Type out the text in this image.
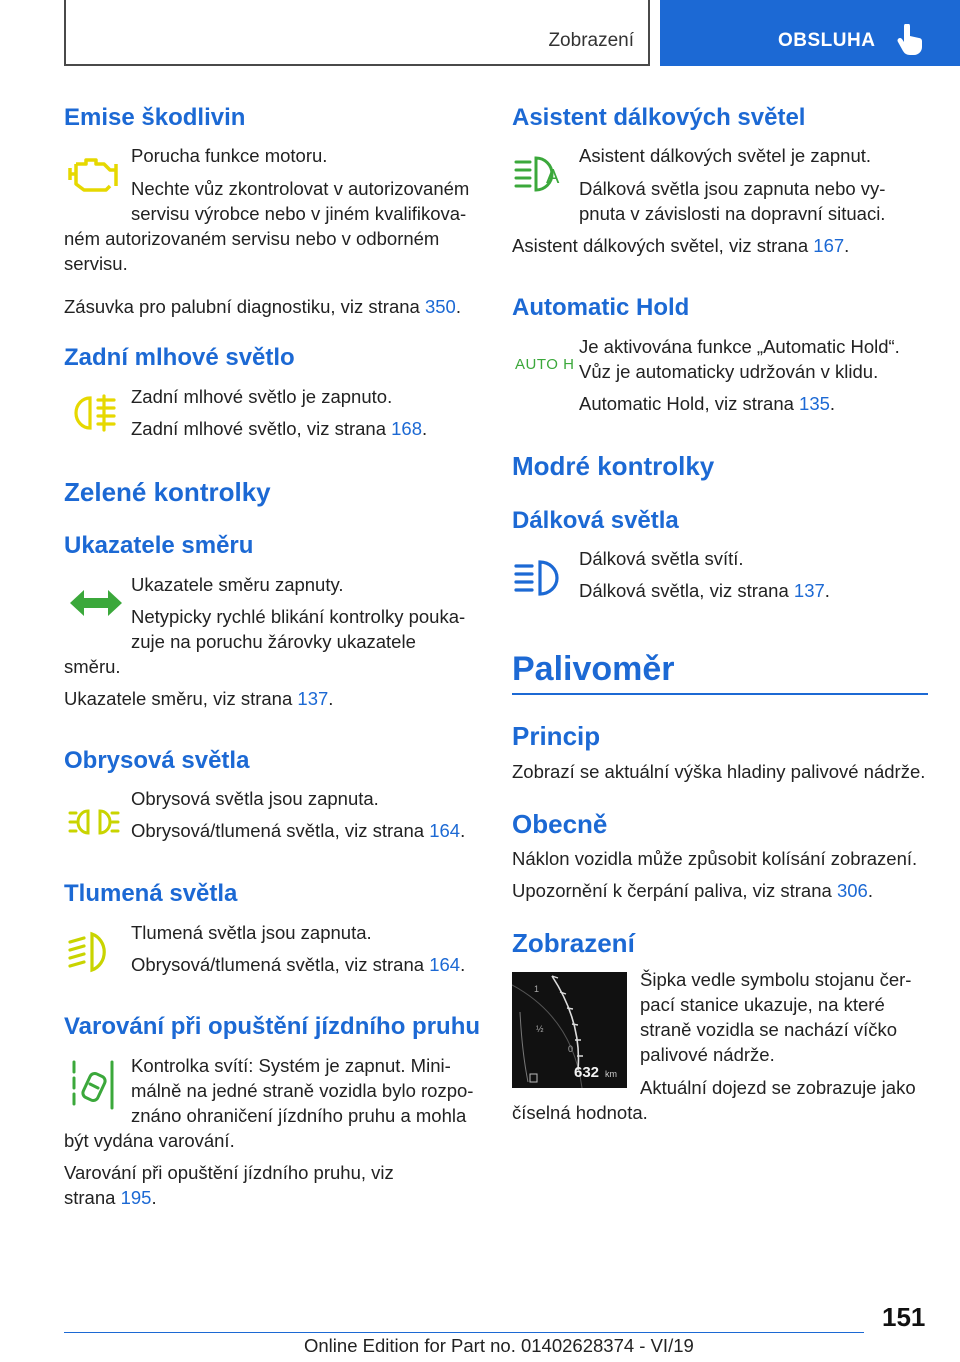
Zobrazení	OBSLUHA
Emise škodlivin
Porucha funkce motoru.
Nechte vůz zkontrolovat v autorizovaném
servisu výrobce nebo v jiném kvalifikova‐
ném autorizovaném servisu nebo v odborném
servisu.
Zásuvka pro palubní diagnostiku, viz strana 350.
Zadní mlhové světlo
Zadní mlhové světlo je zapnuto.
Zadní mlhové světlo, viz strana 168.
Zelené kontrolky
Ukazatele směru
Ukazatele směru zapnuty.
Netypicky rychlé blikání kontrolky pouka‐
zuje na poruchu žárovky ukazatele
směru.
Ukazatele směru, viz strana 137.
Obrysová světla
Obrysová světla jsou zapnuta.
Obrysová/tlumená světla, viz strana 164.
Tlumená světla
Tlumená světla jsou zapnuta.
Obrysová/tlumená světla, viz strana 164.
Varování při opuštění jízdního pruhu
Kontrolka svítí: Systém je zapnut. Mini‐
málně na jedné straně vozidla bylo rozpo‐
znáno ohraničení jízdního pruhu a mohla
být vydána varování.
Varování při opuštění jízdního pruhu, viz
strana 195.
Asistent dálkových světel
A
Asistent dálkových světel je zapnut.
Dálková světla jsou zapnuta nebo vy‐
pnuta v závislosti na dopravní situaci.
Asistent dálkových světel, viz strana 167.
Automatic Hold
AUTO H
Je aktivována funkce „Automatic Hold“.
Vůz je automaticky udržován v klidu.
Automatic Hold, viz strana 135.
Modré kontrolky
Dálková světla
Dálková světla svítí.
Dálková světla, viz strana 137.
Palivoměr
Princip
Zobrazí se aktuální výška hladiny palivové nádrže.
Obecně
Náklon vozidla může způsobit kolísání zobrazení.
Upozornění k čerpání paliva, viz strana 306.
Zobrazení
1
½
0
632 km
Šipka vedle symbolu stojanu čer‐
pací stanice ukazuje, na které
straně vozidla se nachází víčko
palivové nádrže.
Aktuální dojezd se zobrazuje jako
číselná hodnota.
151
Online Edition for Part no. 01402628374 - VI/19
